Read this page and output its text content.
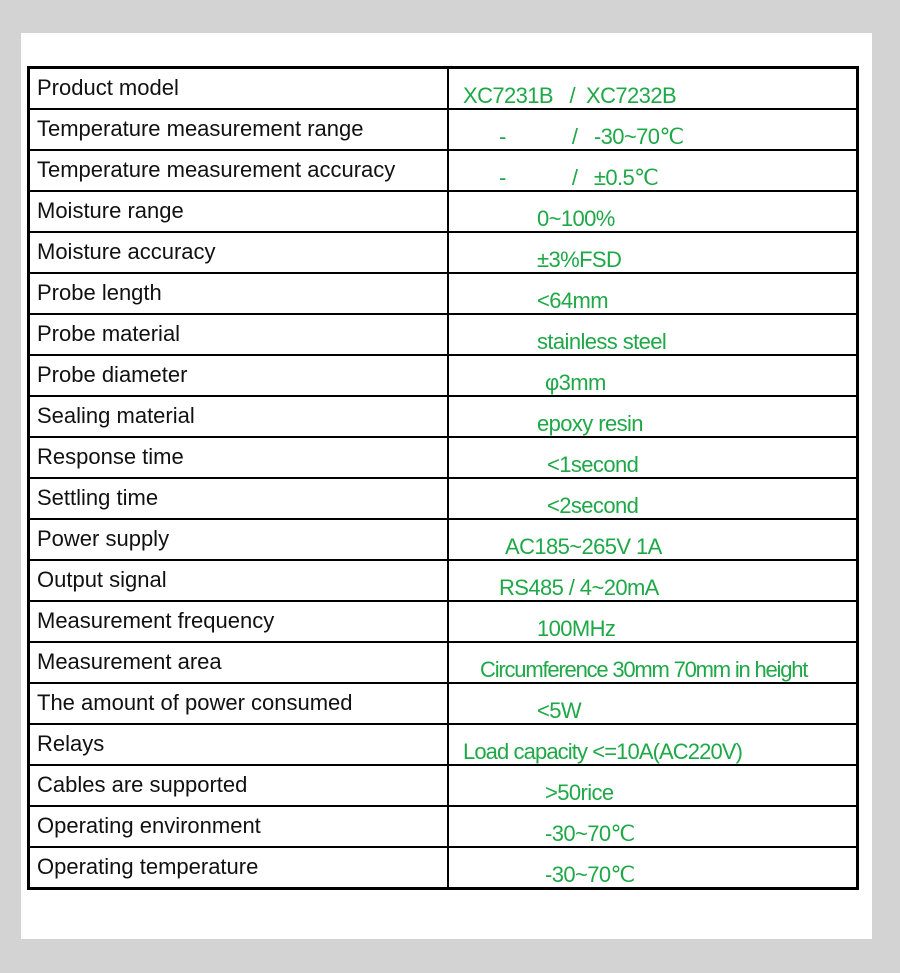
Product model	XC7231B   /  XC7232B

Temperature measurement range	-            /   -30~70℃

Temperature measurement accuracy	-            /   ±0.5℃

Moisture range	0~100%

Moisture accuracy	±3%FSD

Probe length	<64mm

Probe material	stainless steel

Probe diameter	φ3mm

Sealing material	epoxy resin

Response time	<1second

Settling time	<2second

Power supply	AC185~265V 1A

Output signal	RS485 / 4~20mA

Measurement frequency	100MHz

Measurement area	Circumference 30mm 70mm in height

The amount of power consumed	<5W

Relays	Load capacity <=10A(AC220V)

Cables are supported	>50rice

Operating environment	-30~70℃

Operating temperature	-30~70℃
